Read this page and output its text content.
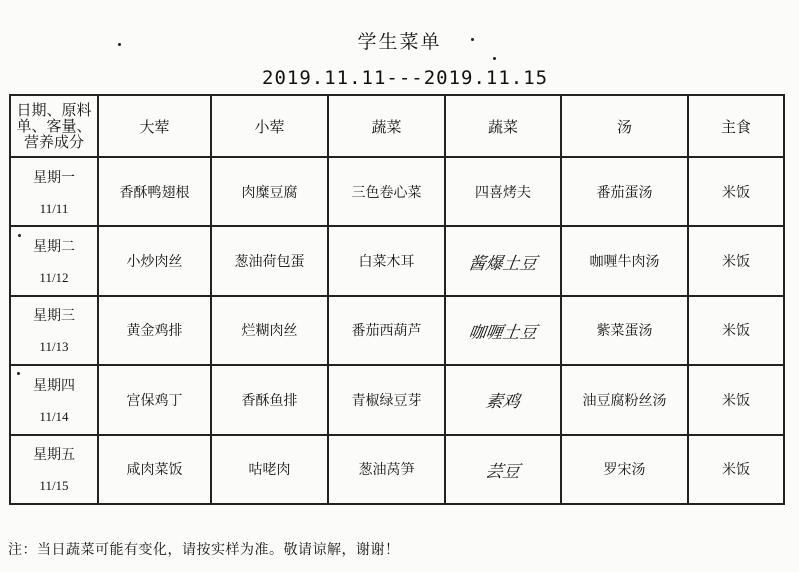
学生菜单
2019.11.11---2019.11.15
日期、原料
单、客量、
营养成分	大荤	小荤	蔬菜	蔬菜	汤	主食

星期一
11/11	香酥鸭翅根	肉糜豆腐	三色卷心菜	四喜烤夫	番茄蛋汤	米饭

星期二
11/12	小炒肉丝	葱油荷包蛋	白菜木耳	酱爆土豆	咖喱牛肉汤	米饭

星期三
11/13	黄金鸡排	烂糊肉丝	番茄西葫芦	咖喱土豆	紫菜蛋汤	米饭

星期四
11/14	宫保鸡丁	香酥鱼排	青椒绿豆芽	素鸡	油豆腐粉丝汤	米饭

星期五
11/15	咸肉菜饭	咕咾肉	葱油莴笋	芸豆	罗宋汤	米饭
注：当日蔬菜可能有变化，请按实样为准。敬请谅解，谢谢！
